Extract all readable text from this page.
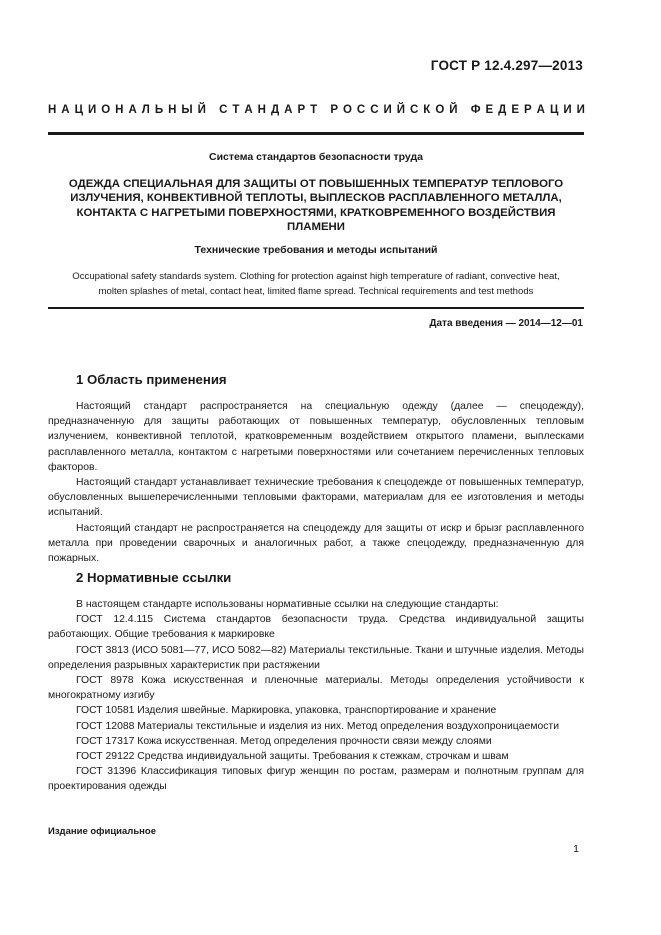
ГОСТ Р 12.4.297—2013
Н А Ц И О Н А Л Ь Н Ы Й
С Т А Н Д А Р Т
Р О С С И Й С К О Й
Ф Е Д Е Р А Ц И И
Система стандартов безопасности труда
ОДЕЖДА СПЕЦИАЛЬНАЯ ДЛЯ ЗАЩИТЫ ОТ ПОВЫШЕННЫХ ТЕМПЕРАТУР ТЕПЛОВОГО
ИЗЛУЧЕНИЯ, КОНВЕКТИВНОЙ ТЕПЛОТЫ, ВЫПЛЕСКОВ РАСПЛАВЛЕННОГО МЕТАЛЛА,
КОНТАКТА С НАГРЕТЫМИ ПОВЕРХНОСТЯМИ, КРАТКОВРЕМЕННОГО ВОЗДЕЙСТВИЯ
ПЛАМЕНИ
Технические требования и методы испытаний
Occupational safety standards system. Clothing for protection against high temperature of radiant, convective heat,
molten splashes of metal, contact heat, limited flame spread. Technical requirements and test methods
Дата введения — 2014—12—01
1 Область применения

Настоящий стандарт распространяется на специальную одежду (далее — спецодежду), предназначенную для защиты работающих от повышенных температур, обусловленных тепловым излучением, конвективной теплотой, кратковременным воздействием открытого пламени, выплесками расплавленного металла, контактом с нагретыми поверхностями или сочетанием перечисленных тепловых факторов.

Настоящий стандарт устанавливает технические требования к спецодежде от повышенных температур, обусловленных вышеперечисленными тепловыми факторами, материалам для ее изготовления и методы испытаний.

Настоящий стандарт не распространяется на спецодежду для защиты от искр и брызг расплавленного металла при проведении сварочных и аналогичных работ, а также спецодежду, предназначенную для пожарных.

2 Нормативные ссылки

В настоящем стандарте использованы нормативные ссылки на следующие стандарты:

ГОСТ 12.4.115 Система стандартов безопасности труда. Средства индивидуальной защиты работающих. Общие требования к маркировке

ГОСТ 3813 (ИСО 5081—77, ИСО 5082—82) Материалы текстильные. Ткани и штучные изделия. Методы определения разрывных характеристик при растяжении

ГОСТ 8978 Кожа искусственная и пленочные материалы. Методы определения устойчивости к многократному изгибу

ГОСТ 10581 Изделия швейные. Маркировка, упаковка, транспортирование и хранение

ГОСТ 12088 Материалы текстильные и изделия из них. Метод определения воздухопроницаемости

ГОСТ 17317 Кожа искусственная. Метод определения прочности связи между слоями

ГОСТ 29122 Средства индивидуальной защиты. Требования к стежкам, строчкам и швам

ГОСТ 31396 Классификация типовых фигур женщин по ростам, размерам и полнотным группам для проектирования одежды

Издание официальное
1
